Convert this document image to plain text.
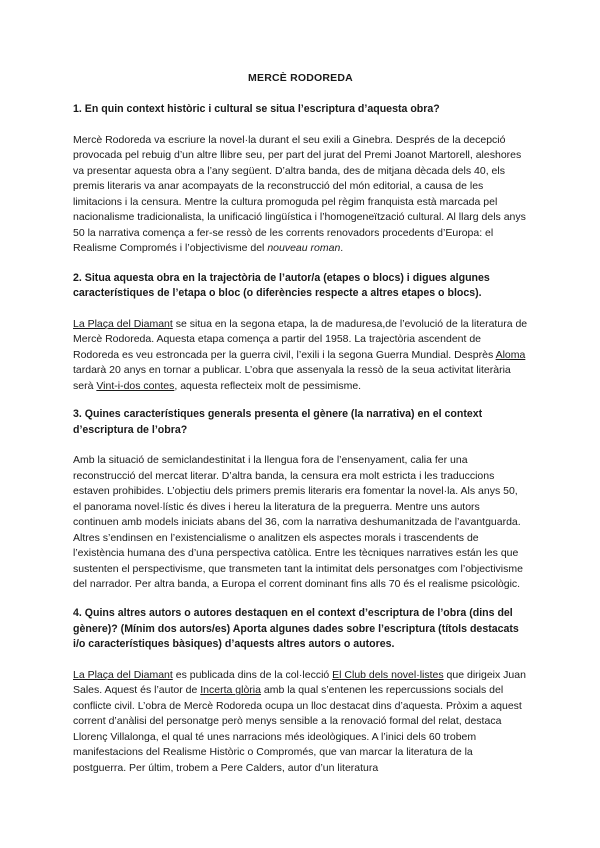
MERCÈ RODOREDA
1. En quin context històric i cultural se situa l’escriptura d’aquesta obra?
Mercè Rodoreda va escriure la novel·la durant el seu exili a Ginebra. Després de la decepció provocada pel rebuig d’un altre llibre seu, per part del jurat del Premi Joanot Martorell, aleshores va presentar aquesta obra a l’any següent. D’altra banda, des de mitjana dècada dels 40, els premis literaris va anar acompayats de la reconstrucció del món editorial, a causa de les limitacions i la censura. Mentre la cultura promoguda pel règim franquista està marcada pel nacionalisme tradicionalista, la unificació lingüística i l’homogeneïtzació cultural. Al llarg dels anys 50 la narrativa comença a fer-se ressò de les corrents renovadors procedents d’Europa: el Realisme Compromés i l’objectivisme del nouveau roman.
2. Situa aquesta obra en la trajectòria de l’autor/a (etapes o blocs) i digues algunes característiques de l’etapa o bloc (o diferències respecte a altres etapes o blocs).
La Plaça del Diamant se situa en la segona etapa, la de maduresa,de l’evolució de la literatura de Mercè Rodoreda. Aquesta etapa comença a partir del 1958. La trajectòria ascendent de Rodoreda es veu estroncada per la guerra civil, l’exili i la segona Guerra Mundial. Desprès Aloma tardarà 20 anys en tornar a publicar. L’obra que assenyala la ressò de la seua activitat literària serà Vint-i-dos contes, aquesta reflecteix molt de pessimisme.
3. Quines característiques generals presenta el gènere (la narrativa) en el context d’escriptura de l’obra?
Amb la situació de semiclandestinitat i la llengua fora de l’ensenyament, calia fer una reconstrucció del mercat literar. D’altra banda, la censura era molt estricta i les traduccions estaven prohibides. L’objectiu dels primers premis literaris era fomentar la novel·la. Als anys 50, el panorama novel·lístic és dives i hereu la literatura de la preguerra. Mentre uns autors continuen amb models iniciats abans del 36, com la narrativa deshumanitzada de l’avantguarda. Altres s’endinsen en l’existencialisme o analitzen els aspectes morals i trascendents de l’existència humana des d’una perspectiva catòlica. Entre les tècniques narratives están les que sustenten el perspectivisme, que transmeten tant la intimitat dels personatges com l’objectivisme del narrador. Per altra banda, a Europa el corrent dominant fins alls 70 és el realisme psicològic.
4. Quins altres autors o autores destaquen en el context d’escriptura de l’obra (dins del gènere)? (Mínim dos autors/es) Aporta algunes dades sobre l’escriptura (títols destacats i/o característiques bàsiques) d’aquests altres autors o autores.
La Plaça del Diamant es publicada dins de la col·lecció El Club dels novel·listes que dirigeix Juan Sales. Aquest és l’autor de Incerta glòria amb la qual s’entenen les repercussions socials del conflicte civil. L’obra de Mercè Rodoreda ocupa un lloc destacat dins d’aquesta. Pròxim a aquest corrent d’anàlisi del personatge però menys sensible a la renovació formal del relat, destaca Llorenç Villalonga, el qual té unes narracions més ideològiques. A l’inici dels 60 trobem manifestacions del Realisme Històric o Compromés, que van marcar la literatura de la postguerra. Per últim, trobem a Pere Calders, autor d’un literatura
